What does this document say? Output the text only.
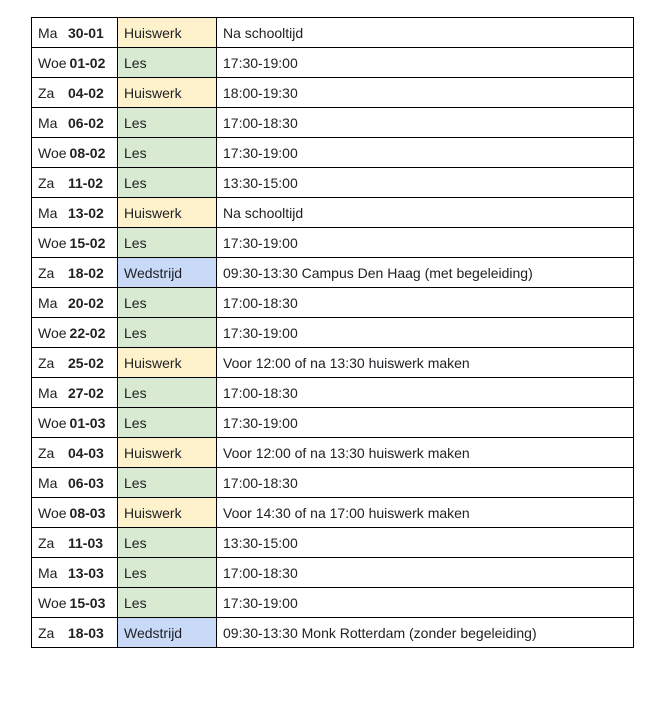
Ma 30-01	Huiswerk	Na schooltijd
Woe 01-02	Les	17:30-19:00
Za 04-02	Huiswerk	18:00-19:30
Ma 06-02	Les	17:00-18:30
Woe 08-02	Les	17:30-19:00
Za 11-02	Les	13:30-15:00
Ma 13-02	Huiswerk	Na schooltijd
Woe 15-02	Les	17:30-19:00
Za 18-02	Wedstrijd	09:30-13:30 Campus Den Haag (met begeleiding)
Ma 20-02	Les	17:00-18:30
Woe 22-02	Les	17:30-19:00
Za 25-02	Huiswerk	Voor 12:00 of na 13:30 huiswerk maken
Ma 27-02	Les	17:00-18:30
Woe 01-03	Les	17:30-19:00
Za 04-03	Huiswerk	Voor 12:00 of na 13:30 huiswerk maken
Ma 06-03	Les	17:00-18:30
Woe 08-03	Huiswerk	Voor 14:30 of na 17:00 huiswerk maken
Za 11-03	Les	13:30-15:00
Ma 13-03	Les	17:00-18:30
Woe 15-03	Les	17:30-19:00
Za 18-03	Wedstrijd	09:30-13:30 Monk Rotterdam (zonder begeleiding)
